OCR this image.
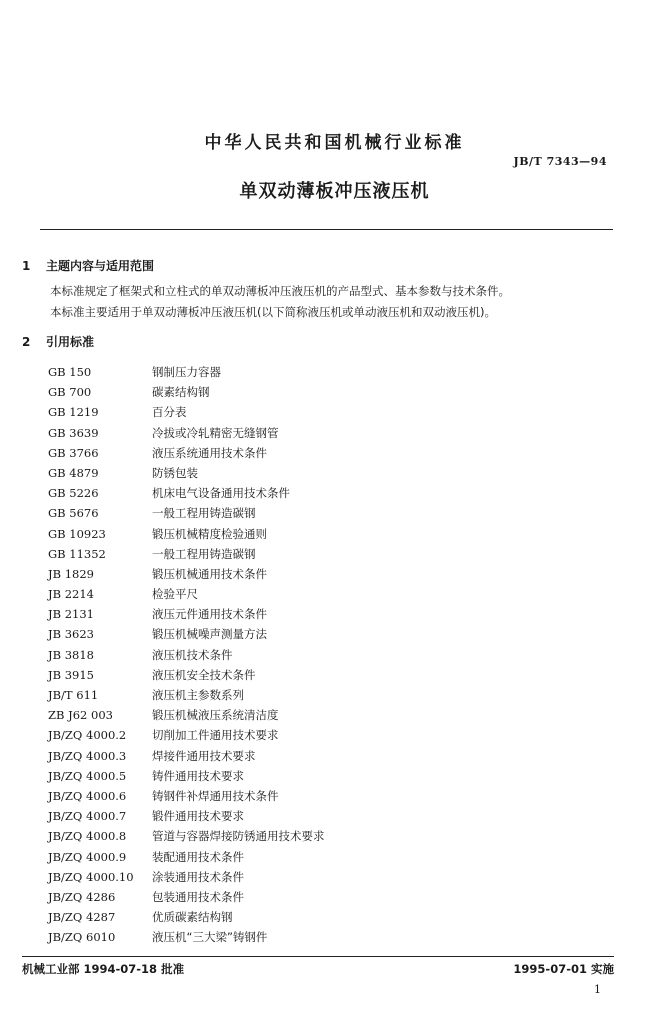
中华人民共和国机械行业标准
JB/T 7343—94
单双动薄板冲压液压机
1 主题内容与适用范围
本标准规定了框架式和立柱式的单双动薄板冲压液压机的产品型式、基本参数与技术条件。
本标准主要适用于单双动薄板冲压液压机(以下简称液压机或单动液压机和双动液压机)。
2 引用标准
GB 150	钢制压力容器
GB 700	碳素结构钢
GB 1219	百分表
GB 3639	冷拔或冷轧精密无缝钢管
GB 3766	液压系统通用技术条件
GB 4879	防锈包装
GB 5226	机床电气设备通用技术条件
GB 5676	一般工程用铸造碳钢
GB 10923	锻压机械精度检验通则
GB 11352	一般工程用铸造碳钢
JB 1829	锻压机械通用技术条件
JB 2214	检验平尺
JB 2131	液压元件通用技术条件
JB 3623	锻压机械噪声测量方法
JB 3818	液压机技术条件
JB 3915	液压机安全技术条件
JB/T 611	液压机主参数系列
ZB J62 003	锻压机械液压系统清洁度
JB/ZQ 4000.2 切削加工件通用技术要求
JB/ZQ 4000.3 焊接件通用技术要求
JB/ZQ 4000.5 铸件通用技术要求
JB/ZQ 4000.6 铸钢件补焊通用技术条件
JB/ZQ 4000.7 锻件通用技术要求
JB/ZQ 4000.8 管道与容器焊接防锈通用技术要求
JB/ZQ 4000.9 装配通用技术条件
JB/ZQ 4000.10 涂装通用技术条件
JB/ZQ 4286	包装通用技术条件
JB/ZQ 4287	优质碳素结构钢
JB/ZQ 6010	液压机“三大梁”铸钢件
机械工业部 1994-07-18 批准	1995-07-01 实施
1
